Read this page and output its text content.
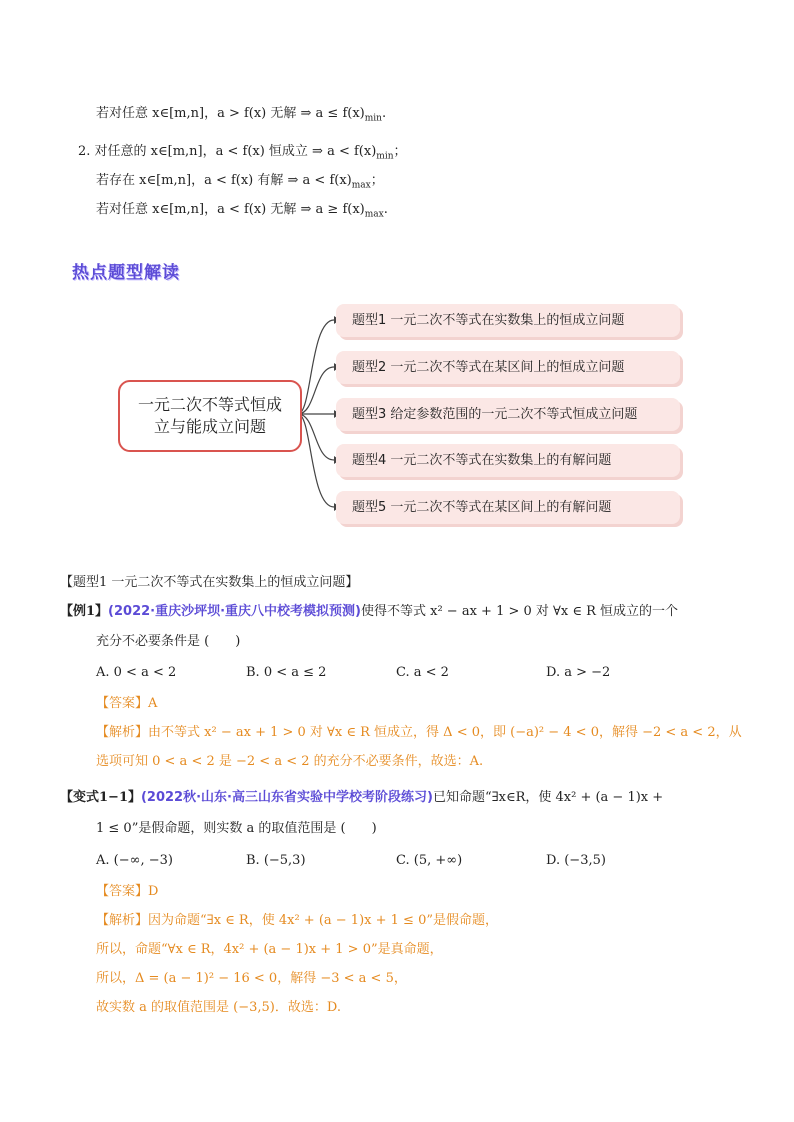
若对任意 x∈[m,n]，a > f(x) 无解 ⇒ $a \le f(x)_{min}$.
2. 对任意的 x∈[m,n]，a < f(x) 恒成立 ⇒ $a < f(x)_{min}$；
若存在 x∈[m,n]，a < f(x) 有解 ⇒ $a < f(x)_{max}$；
若对任意 x∈[m,n]，a < f(x) 无解 ⇒ $a \ge f(x)_{max}$.
热点题型解读
一元二次不等式恒成立与能成立问题
题型1 一元二次不等式在实数集上的恒成立问题
题型2 一元二次不等式在某区间上的恒成立问题
题型3 给定参数范围的一元二次不等式恒成立问题
题型4 一元二次不等式在实数集上的有解问题
题型5 一元二次不等式在某区间上的有解问题
【题型1 一元二次不等式在实数集上的恒成立问题】
【例1】(2022·重庆沙坪坝·重庆八中校考模拟预测)使得不等式 x² − ax + 1 > 0 对 ∀x ∈ R 恒成立的一个
充分不必要条件是 (　　)
A. 0 < a < 2	B. 0 < a ≤ 2	C. a < 2	D. a > −2
【答案】A
【解析】由不等式 x² − ax + 1 > 0 对 ∀x ∈ R 恒成立，得 Δ < 0，即 (−a)² − 4 < 0，解得 −2 < a < 2，从
选项可知 0 < a < 2 是 −2 < a < 2 的充分不必要条件，故选：A.
【变式1−1】(2022秋·山东·高三山东省实验中学校考阶段练习)已知命题“∃x∈R，使 4x² + (a − 1)x +
1 ≤ 0”是假命题，则实数 a 的取值范围是 (　　)
A. (−∞, −3)	B. (−5,3)	C. (5, +∞)	D. (−3,5)
【答案】D
【解析】因为命题“∃x ∈ R，使 4x² + (a − 1)x + 1 ≤ 0”是假命题，
所以，命题“∀x ∈ R，4x² + (a − 1)x + 1 > 0”是真命题，
所以，Δ = (a − 1)² − 16 < 0，解得 −3 < a < 5，
故实数 a 的取值范围是 (−3,5)．故选：D.
